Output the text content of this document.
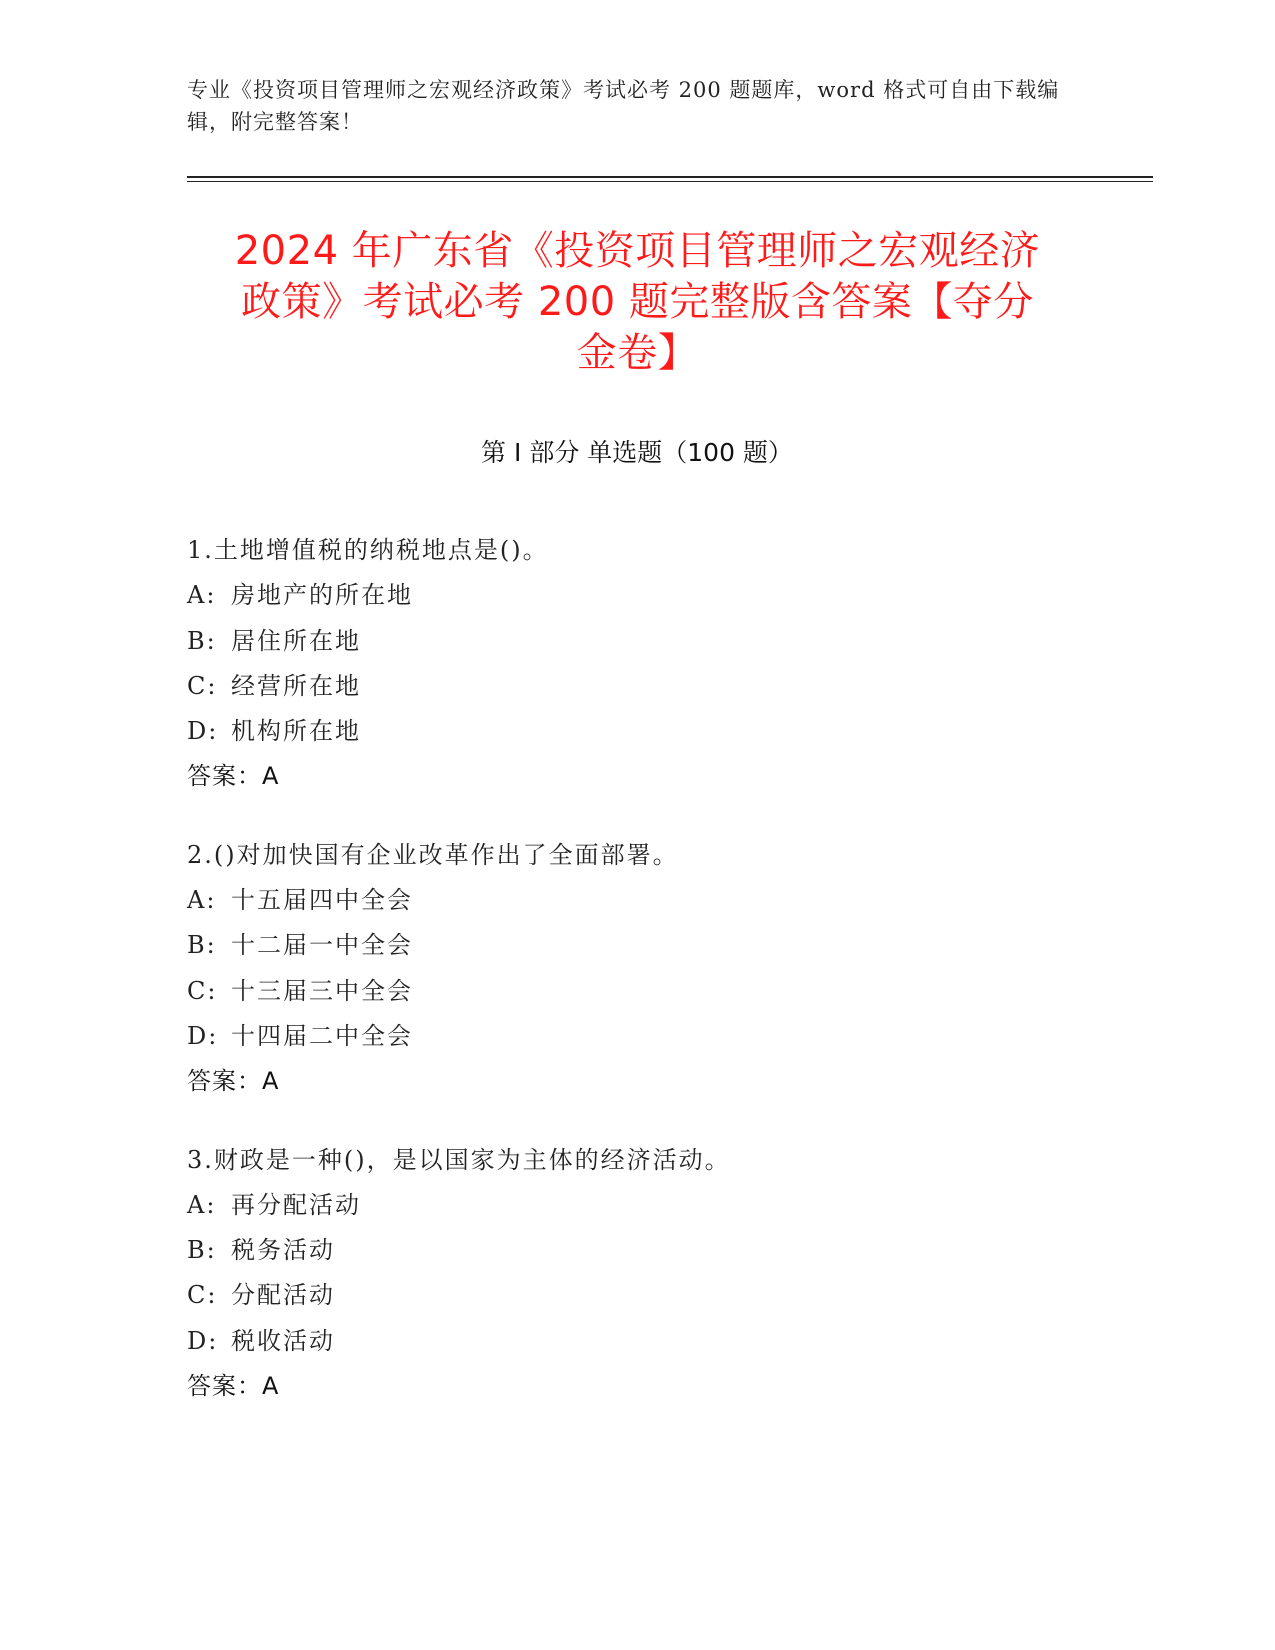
专业《投资项目管理师之宏观经济政策》考试必考 200 题题库，word 格式可自由下载编辑，附完整答案！
2024 年广东省《投资项目管理师之宏观经济
政策》考试必考 200 题完整版含答案【夺分
金卷】
第 I 部分 单选题（100 题）
1.土地增值税的纳税地点是()。
A: 房地产的所在地
B: 居住所在地
C: 经营所在地
D: 机构所在地
答案：A
2.()对加快国有企业改革作出了全面部署。
A: 十五届四中全会
B: 十二届一中全会
C: 十三届三中全会
D: 十四届二中全会
答案：A
3.财政是一种()，是以国家为主体的经济活动。
A: 再分配活动
B: 税务活动
C: 分配活动
D: 税收活动
答案：A
